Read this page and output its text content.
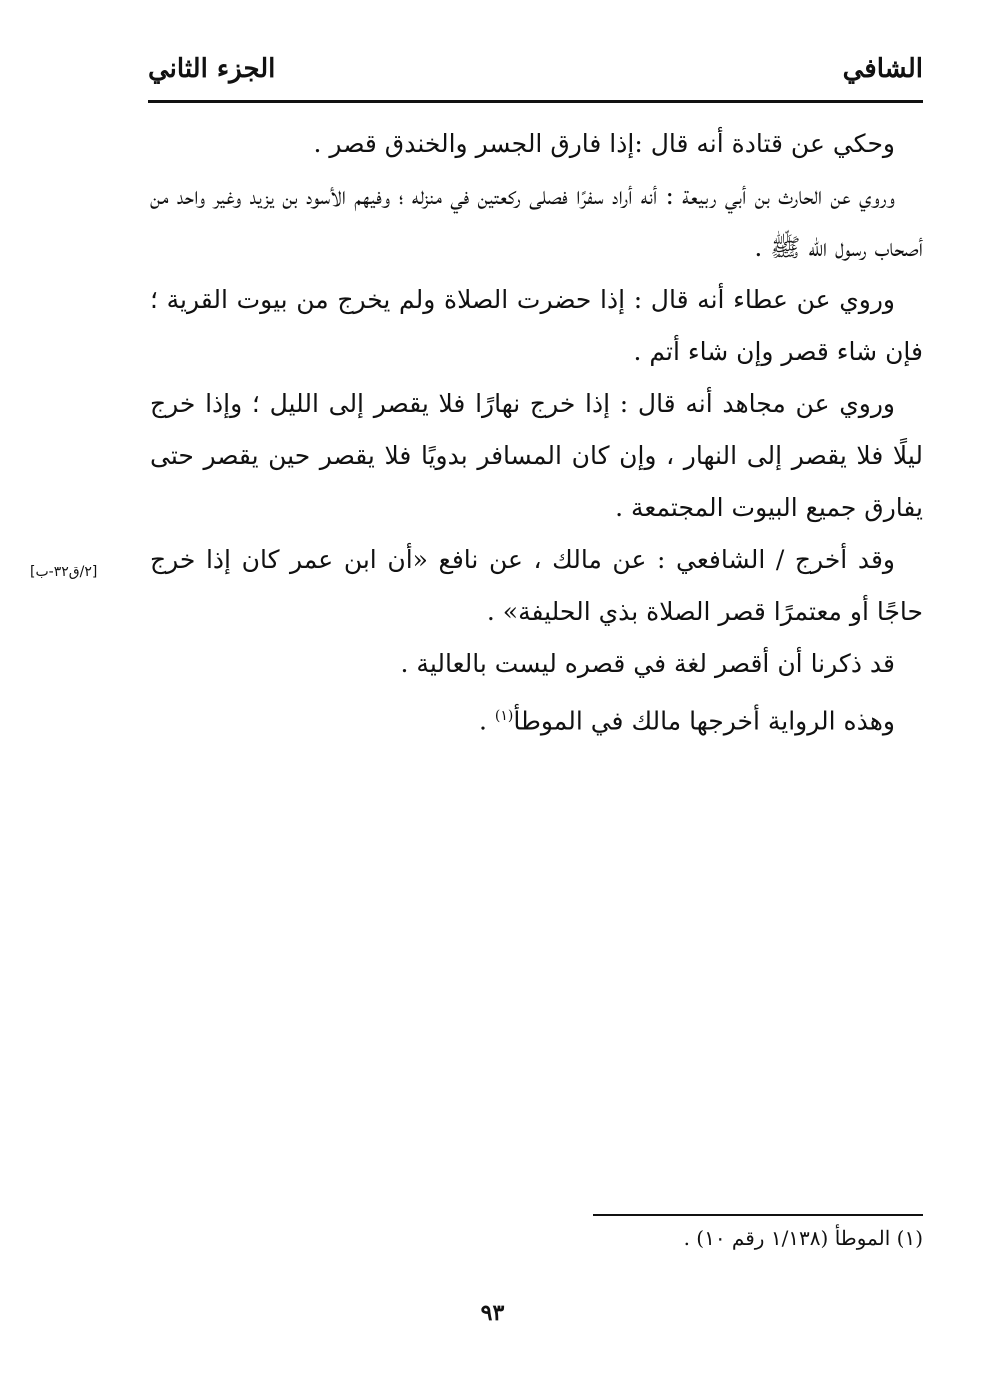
الشافي
الجزء الثاني

وحكي عن قتادة أنه قال :إذا فارق الجسر والخندق قصر .

وروي عن الحارث بن أبي ربيعة : أنه أراد سفرًا فصلى ركعتين في منزله ؛ وفيهم الأسود بن يزيد وغير واحد من أصحاب رسول الله ﷺ .

وروي عن عطاء أنه قال : إذا حضرت الصلاة ولم يخرج من بيوت القرية ؛ فإن شاء قصر وإن شاء أتم .

وروي عن مجاهد أنه قال : إذا خرج نهارًا فلا يقصر إلى الليل ؛ وإذا خرج ليلًا فلا يقصر إلى النهار ، وإن كان المسافر بدويًا فلا يقصر حين يقصر حتى يفارق جميع البيوت المجتمعة .

[٢/ق٣٢-ب] وقد أخرج / الشافعي : عن مالك ، عن نافع «أن ابن عمر كان إذا خرج حاجًا أو معتمرًا قصر الصلاة بذي الحليفة» .

قد ذكرنا أن أقصر لغة في قصره ليست بالعالية .

وهذه الرواية أخرجها مالك في الموطأ$^{(١)}$ .

(١) الموطأ (١/١٣٨ رقم ١٠) .
٩٣
